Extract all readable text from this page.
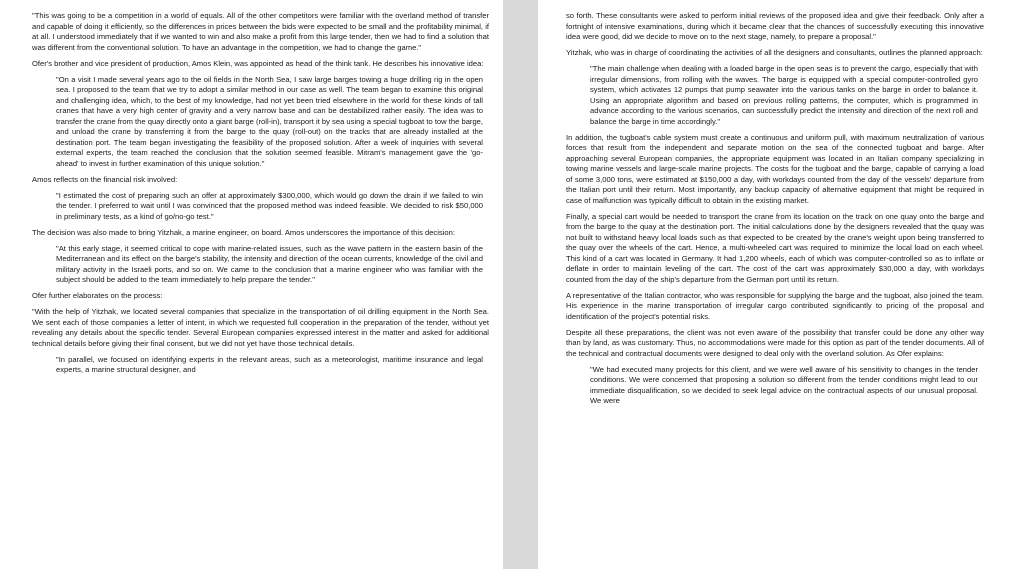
"This was going to be a competition in a world of equals. All of the other competitors were familiar with the overland method of transfer and capable of doing it efficiently, so the differences in prices between the bids were expected to be small and the profitability minimal, if at all. I understood immediately that if we wanted to win and also make a profit from this large tender, then we had to find a solution that was different from the conventional solution. To have an advantage in the competition, we had to change the game."

Ofer's brother and vice president of production, Amos Klein, was appointed as head of the think tank. He describes his innovative idea:

"On a visit I made several years ago to the oil fields in the North Sea, I saw large barges towing a huge drilling rig in the open sea. I proposed to the team that we try to adopt a similar method in our case as well. The team began to examine this original and challenging idea, which, to the best of my knowledge, had not yet been tried elsewhere in the world for these kinds of tall cranes that have a very high center of gravity and a very narrow base and can be destabilized rather easily. The idea was to transfer the crane from the quay directly onto a giant barge (roll-in), transport it by sea using a special tugboat to tow the barge, and unload the crane by transferring it from the barge to the quay (roll-out) on the tracks that are already installed at the destination port. The team began investigating the feasibility of the proposed solution. After a week of inquiries with several external experts, the team reached the conclusion that the solution seemed feasible. Mitram's management gave the 'go-ahead' to invest in further examination of this unique solution."

Amos reflects on the financial risk involved:

"I estimated the cost of preparing such an offer at approximately $300,000, which would go down the drain if we failed to win the tender. I preferred to wait until I was convinced that the proposed method was indeed feasible. We decided to risk $50,000 in preliminary tests, as a kind of go/no-go test."

The decision was also made to bring Yitzhak, a marine engineer, on board. Amos underscores the importance of this decision:

"At this early stage, it seemed critical to cope with marine-related issues, such as the wave pattern in the eastern basin of the Mediterranean and its effect on the barge's stability, the intensity and direction of the ocean currents, knowledge of the civil and military activity in the Israeli ports, and so on. We came to the conclusion that a marine engineer who was familiar with the subject should be added to the team immediately to help prepare the tender."

Ofer further elaborates on the process:

"With the help of Yitzhak, we located several companies that specialize in the transportation of oil drilling equipment in the North Sea. We sent each of those companies a letter of intent, in which we requested full cooperation in the preparation of the tender, without yet revealing any details about the specific tender. Several European companies expressed interest in the matter and asked for additional technical details before giving their final consent, but we did not yet have those technical details.

"In parallel, we focused on identifying experts in the relevant areas, such as a meteorologist, maritime insurance and legal experts, a marine structural designer, and

so forth. These consultants were asked to perform initial reviews of the proposed idea and give their feedback. Only after a fortnight of intensive examinations, during which it became clear that the chances of successfully executing this innovative idea were good, did we decide to move on to the next stage, namely, to prepare a proposal."

Yitzhak, who was in charge of coordinating the activities of all the designers and consultants, outlines the planned approach:

"The main challenge when dealing with a loaded barge in the open seas is to prevent the cargo, especially that with irregular dimensions, from rolling with the waves. The barge is equipped with a special computer-controlled gyro system, which activates 12 pumps that pump seawater into the various tanks on the barge in order to balance it. Using an appropriate algorithm and based on previous rolling patterns, the computer, which is programmed in advance according to the various scenarios, can successfully predict the intensity and direction of the next roll and balance the barge in time accordingly."

In addition, the tugboat's cable system must create a continuous and uniform pull, with maximum neutralization of various forces that result from the independent and separate motion on the sea of the connected tugboat and barge. After approaching several European companies, the appropriate equipment was located in an Italian company specializing in towing marine vessels and large-scale marine projects. The costs for the tugboat and the barge, capable of carrying a load of some 3,000 tons, were estimated at $150,000 a day, with workdays counted from the day of the vessels' departure from the Italian port until their return. Most importantly, any backup capacity of alternative equipment that might be required in case of malfunction was typically difficult to obtain in the existing market.

Finally, a special cart would be needed to transport the crane from its location on the track on one quay onto the barge and from the barge to the quay at the destination port. The initial calculations done by the designers revealed that the quay was not built to withstand heavy local loads such as that expected to be created by the crane's weight upon being transferred to the quay over the wheels of the cart. Hence, a multi-wheeled cart was required to minimize the local load on each wheel. This kind of a cart was located in Germany. It had 1,200 wheels, each of which was computer-controlled so as to inflate or deflate in order to maintain leveling of the cart. The cost of the cart was approximately $30,000 a day, with workdays counted from the day of the ship's departure from the German port until its return.

A representative of the Italian contractor, who was responsible for supplying the barge and the tugboat, also joined the team. His experience in the marine transportation of irregular cargo contributed significantly to pricing of the proposal and identification of the project's potential risks.

Despite all these preparations, the client was not even aware of the possibility that transfer could be done any other way than by land, as was customary. Thus, no accommodations were made for this option as part of the tender documents. All of the technical and contractual documents were designed to deal only with the overland solution. As Ofer explains:

"We had executed many projects for this client, and we were well aware of his sensitivity to changes in the tender conditions. We were concerned that proposing a solution so different from the tender conditions might lead to our immediate disqualification, so we decided to seek legal advice on the contractual aspects of our unusual proposal. We were
